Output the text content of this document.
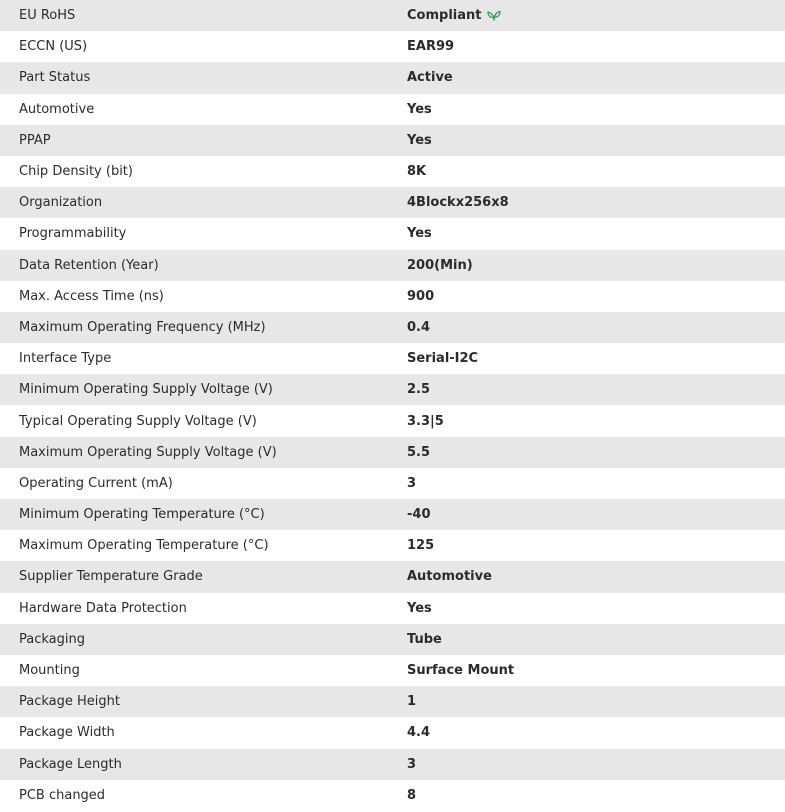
EU RoHS	Compliant
ECCN (US)	EAR99
Part Status	Active
Automotive	Yes
PPAP	Yes
Chip Density (bit)	8K
Organization	4Blockx256x8
Programmability	Yes
Data Retention (Year)	200(Min)
Max. Access Time (ns)	900
Maximum Operating Frequency (MHz)	0.4
Interface Type	Serial-I2C
Minimum Operating Supply Voltage (V)	2.5
Typical Operating Supply Voltage (V)	3.3|5
Maximum Operating Supply Voltage (V)	5.5
Operating Current (mA)	3
Minimum Operating Temperature (°C)	-40
Maximum Operating Temperature (°C)	125
Supplier Temperature Grade	Automotive
Hardware Data Protection	Yes
Packaging	Tube
Mounting	Surface Mount
Package Height	1
Package Width	4.4
Package Length	3
PCB changed	8
